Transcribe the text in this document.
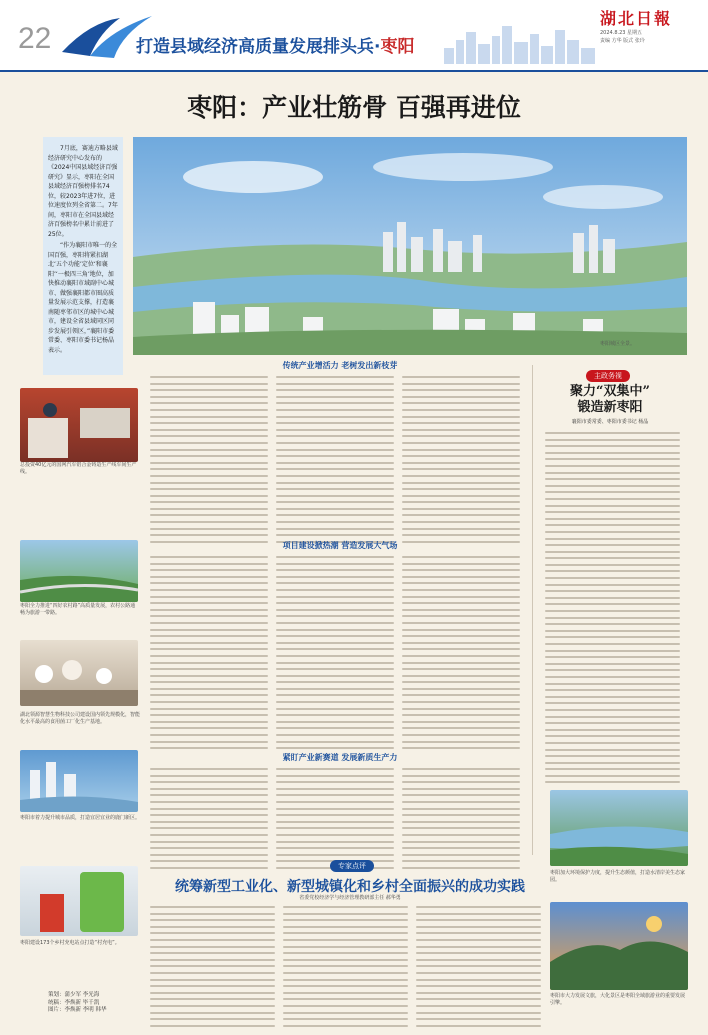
22	打造县域经济高质量发展排头兵·枣阳
湖北日報
2024.8.23 星期五
责编 方华 版式 张玲
枣阳：产业壮筋骨 百强再进位

7月底，赛迪方略县域经济研究中心发布的《2024中国县域经济百强研究》显示，枣阳在全国县域经济百强榜排名74位，较2023年进7位，进位速度位列全省第二。7年间，枣阳市在全国县域经济百强榜名中累计前进了25位。

“作为襄阳市唯一的全国百强，枣阳将紧扣湖北‘五个功能’定位‘和襄阳’‘一极四三角’地位，加快推动襄阳市域副中心城市、做强襄阳都市圈高质量发展示范支撑，打造襄南随枣邻市区的城中心城市，建设全省县域同区同步发展引领区，”襄阳市委常委、枣阳市委书记杨晶表示。

枣阳城区全景。
总投资40亿元的国网汽车铝合金铸造生产线车间生产线。
枣阳全力推进“四好农村路”高质量发展，农村公路通畅为旅游一带路。
湖北领源智慧生物科技公司建设国内领先规模化，智能化水平最高的食用菌工厂化生产基地。
枣阳市着力提升城市品质，打造宜居宜业的鹿门新区。
枣阳建设173个乡村充电站点打造“村充电”。
传统产业增活力 老树发出新枝芽
项目建设掀热潮 营造发展大气场
紧盯产业新赛道 发展新质生产力
主政务视
聚力“双集中”
锻造新枣阳
襄阳市委常委、枣阳市委书记 杨晶
枣阳加大环境保护力度，提升生态颜值，打造水清岸美生态家园。
枣阳市大力发展文旅，大化景区是枣阳全域旅游业的重要发展引擎。
专家点评
统筹新型工业化、新型城镇化和乡村全面振兴的成功实践
省委党校经济学与经济管理教研部主任 郝华勇
策划：蒲少军 李光海
统稿：李焕新 毕千凯
图片：李焕新 李明 韩华
